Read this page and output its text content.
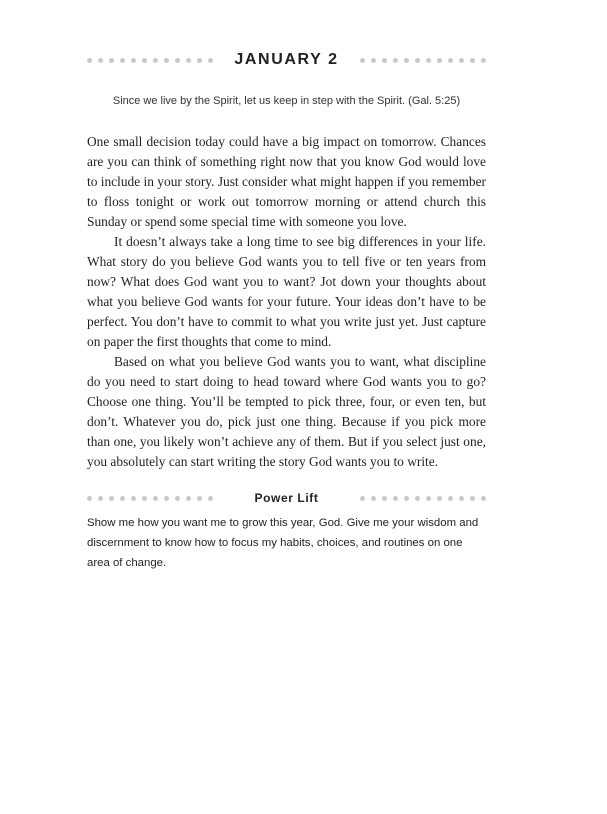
JANUARY 2
Since we live by the Spirit, let us keep in step with the Spirit. (Gal. 5:25)

One small decision today could have a big impact on tomorrow. Chances are you can think of something right now that you know God would love to include in your story. Just consider what might happen if you remember to floss tonight or work out tomorrow morning or attend church this Sunday or spend some special time with someone you love.

It doesn’t always take a long time to see big differences in your life. What story do you believe God wants you to tell five or ten years from now? What does God want you to want? Jot down your thoughts about what you believe God wants for your future. Your ideas don’t have to be perfect. You don’t have to commit to what you write just yet. Just capture on paper the first thoughts that come to mind.

Based on what you believe God wants you to want, what discipline do you need to start doing to head toward where God wants you to go? Choose one thing. You’ll be tempted to pick three, four, or even ten, but don’t. Whatever you do, pick just one thing. Because if you pick more than one, you likely won’t achieve any of them. But if you select just one, you absolutely can start writing the story God wants you to write.

Power Lift
Show me how you want me to grow this year, God. Give me your wisdom and discernment to know how to focus my habits, choices, and routines on one area of change.
